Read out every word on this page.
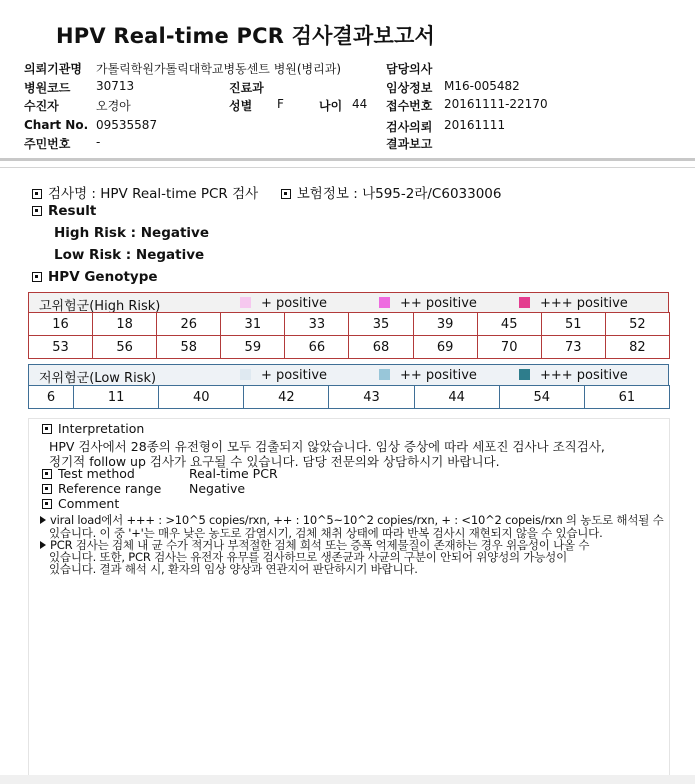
HPV Real-time PCR 검사결과보고서
의뢰기관명 가톨릭학원가톨릭대학교병동센트 병원(병리과)	담당의사
병원코드 30713	진료과	임상정보 M16-005482
수진자	오경아	성별 F	나이 44 접수번호 20161111-22170
Chart No. 09535587	검사의뢰 20161111
주민번호 -	결과보고
검사명 : HPV Real-time PCR 검사	보험정보 : 나595-2라/C6033006
Result
High Risk : Negative
Low Risk : Negative
HPV Genotype
고위험군(High Risk)	+ positive	++ positive	+++ positive
16	18	26	31	33	35	39	45	51	52
53	56	58	59	66	68	69	70	73	82
저위험군(Low Risk)	+ positive	++ positive	+++ positive
6	11	40	42	43	44	54	61
Interpretation
HPV 검사에서 28종의 유전형이 모두 검출되지 않았습니다. 임상 증상에 따라 세포진 검사나 조직검사,
정기적 follow up 검사가 요구될 수 있습니다. 담당 전문의와 상담하시기 바랍니다.
Test method	Real-time PCR
Reference range Negative
Comment
viral load에서 +++ : >10^5 copies/rxn, ++ : 10^5~10^2 copies/rxn, + : <10^2 copeis/rxn 의 농도로 해석될 수
있습니다. 이 중 '+'는 매우 낮은 농도로 감염시기, 검체 채취 상태에 따라 반복 검사시 재현되지 않을 수 있습니다.
PCR 검사는 검체 내 균 수가 적거나 부적절한 검체 희석 또는 증폭 억제물질이 존재하는 경우 위음성이 나올 수
있습니다. 또한, PCR 검사는 유전자 유무를 검사하므로 생존균과 사균의 구분이 안되어 위양성의 가능성이
있습니다. 결과 해석 시, 환자의 임상 양상과 연관지어 판단하시기 바랍니다.
